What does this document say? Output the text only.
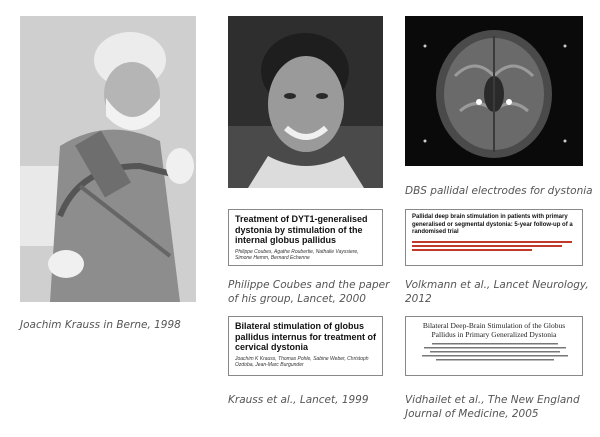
Joachim Krauss in Berne, 1998
Treatment of DYT1-generalised dystonia by stimulation of the internal globus pallidus
Philippe Coubes, Agathe Roubertie, Nathalie Vayssiere, Simone Hemm, Bernard Echenne
Philippe Coubes and the paper of his group, Lancet, 2000
Bilateral stimulation of globus pallidus internus for treatment of cervical dystonia
Joachim K Krauss, Thomas Pohle, Sabine Weber, Christoph Ozdoba, Jean-Marc Burgunder
Krauss et al., Lancet, 1999
DBS pallidal electrodes for dystonia
Pallidal deep brain stimulation in patients with primary generalised or segmental dystonia: 5-year follow-up of a randomised trial
Volkmann et al., Lancet Neurology, 2012
Bilateral Deep-Brain Stimulation of the Globus Pallidus in Primary Generalized Dystonia
Vidhailet et al., The New England Journal of Medicine, 2005
